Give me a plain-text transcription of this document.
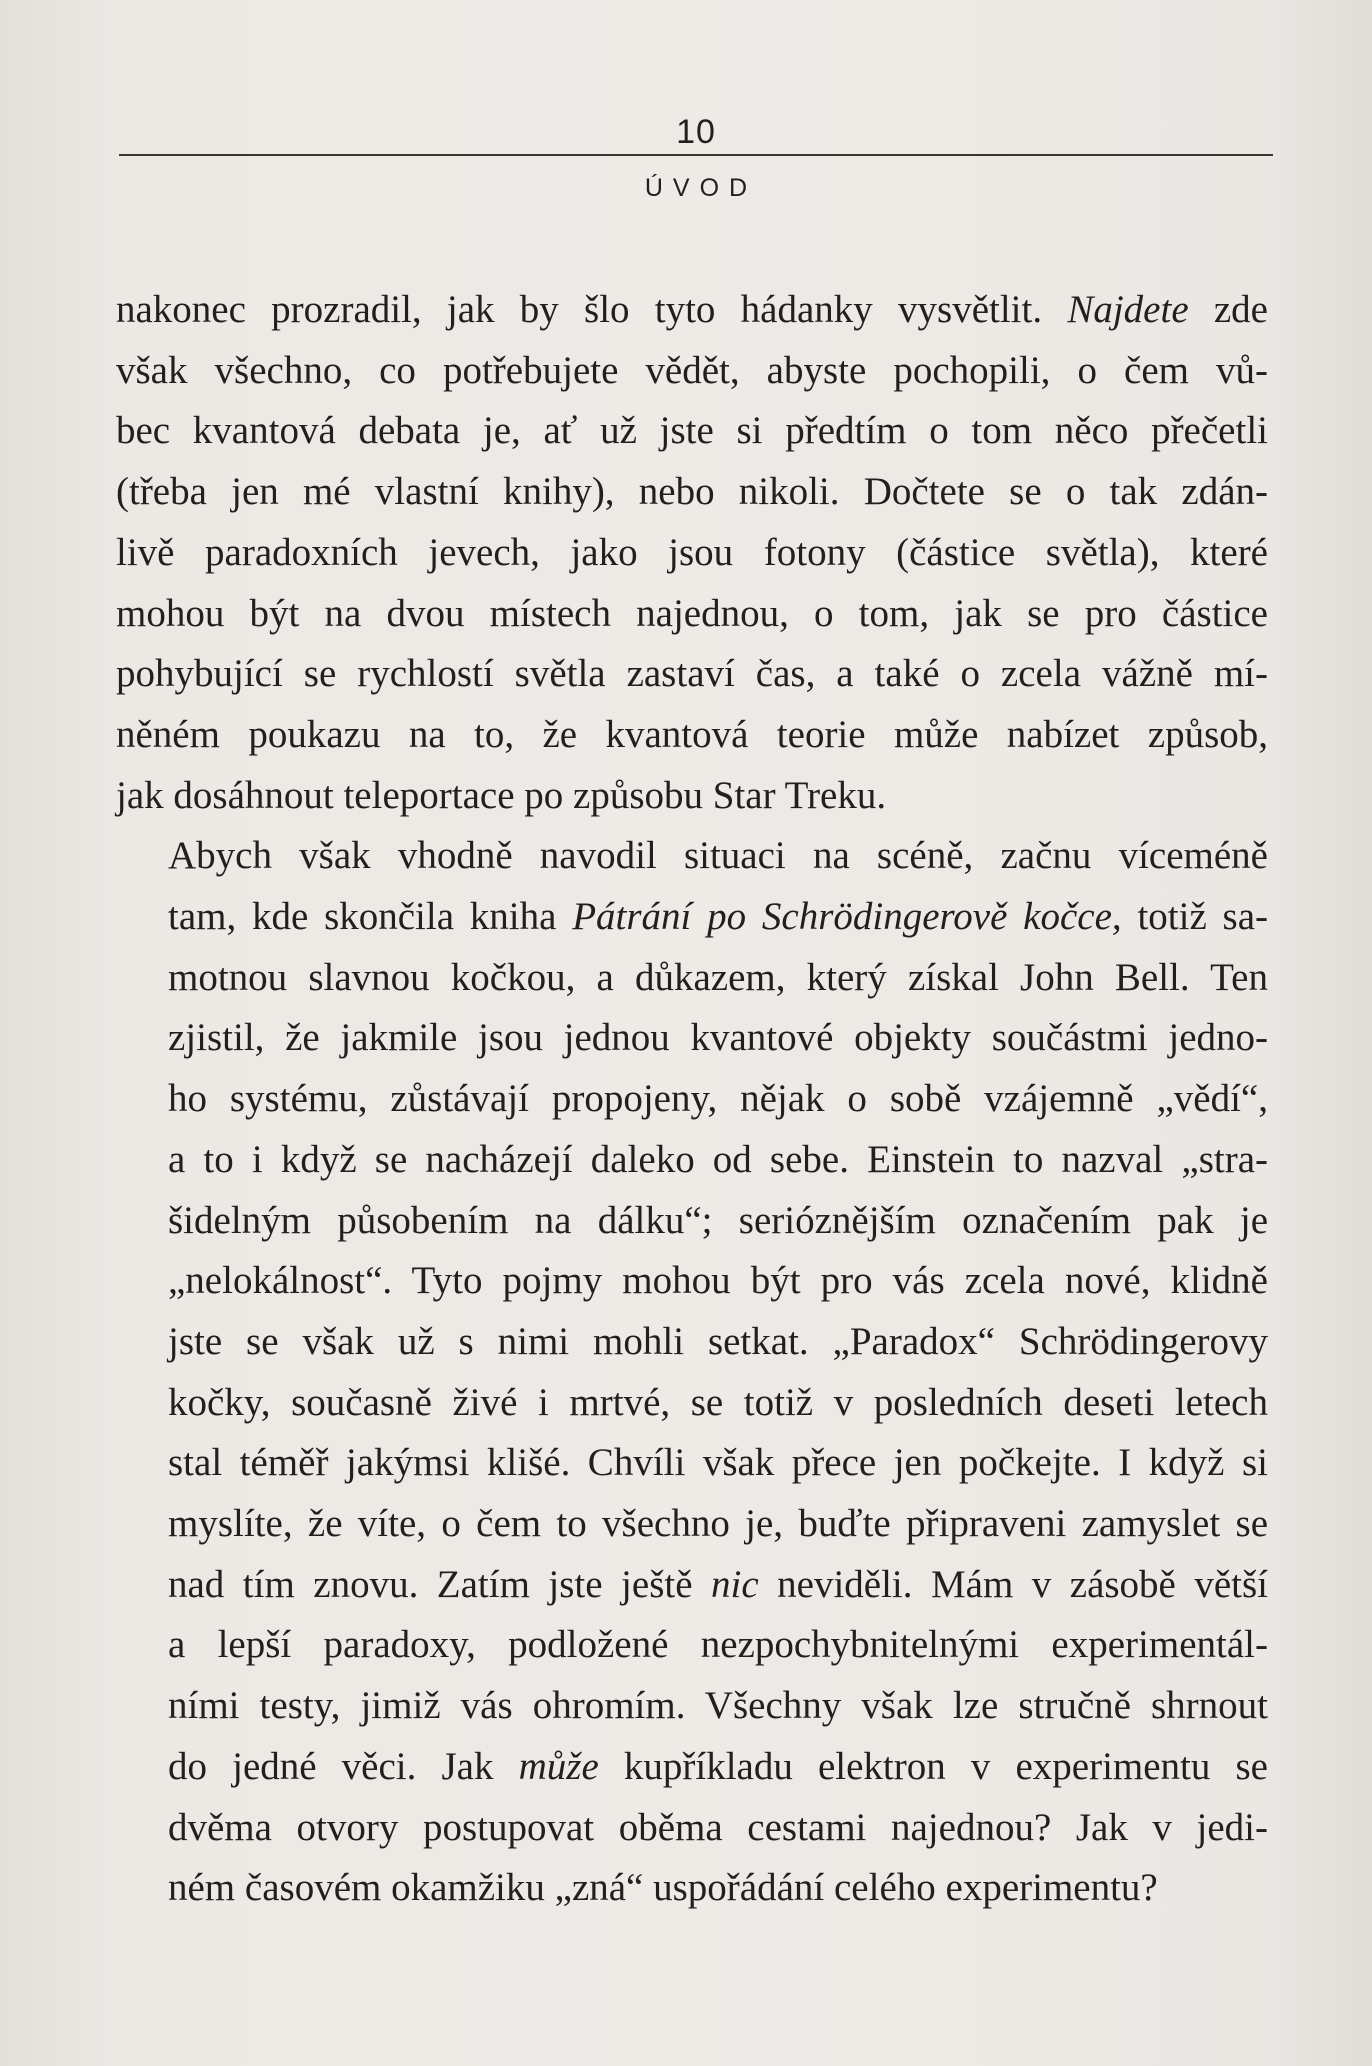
10
ÚVOD

nakonec prozradil, jak by šlo tyto hádanky vysvětlit. Najdete zde
však všechno, co potřebujete vědět, abyste pochopili, o čem vů-
bec kvantová debata je, ať už jste si předtím o tom něco přečetli
(třeba jen mé vlastní knihy), nebo nikoli. Dočtete se o tak zdán-
livě paradoxních jevech, jako jsou fotony (částice světla), které
mohou být na dvou místech najednou, o tom, jak se pro částice
pohybující se rychlostí světla zastaví čas, a také o zcela vážně mí-
něném poukazu na to, že kvantová teorie může nabízet způsob,
jak dosáhnout teleportace po způsobu Star Treku.

Abych však vhodně navodil situaci na scéně, začnu víceméně
tam, kde skončila kniha Pátrání po Schrödingerově kočce, totiž sa-
motnou slavnou kočkou, a důkazem, který získal John Bell. Ten
zjistil, že jakmile jsou jednou kvantové objekty součástmi jedno-
ho systému, zůstávají propojeny, nějak o sobě vzájemně „vědí“,
a to i když se nacházejí daleko od sebe. Einstein to nazval „stra-
šidelným působením na dálku“; serióznějším označením pak je
„nelokálnost“. Tyto pojmy mohou být pro vás zcela nové, klidně
jste se však už s nimi mohli setkat. „Paradox“ Schrödingerovy
kočky, současně živé i mrtvé, se totiž v posledních deseti letech
stal téměř jakýmsi klišé. Chvíli však přece jen počkejte. I když si
myslíte, že víte, o čem to všechno je, buďte připraveni zamyslet se
nad tím znovu. Zatím jste ještě nic neviděli. Mám v zásobě větší
a lepší paradoxy, podložené nezpochybnitelnými experimentál-
ními testy, jimiž vás ohromím. Všechny však lze stručně shrnout
do jedné věci. Jak může kupříkladu elektron v experimentu se
dvěma otvory postupovat oběma cestami najednou? Jak v jedi-
ném časovém okamžiku „zná“ uspořádání celého experimentu?
